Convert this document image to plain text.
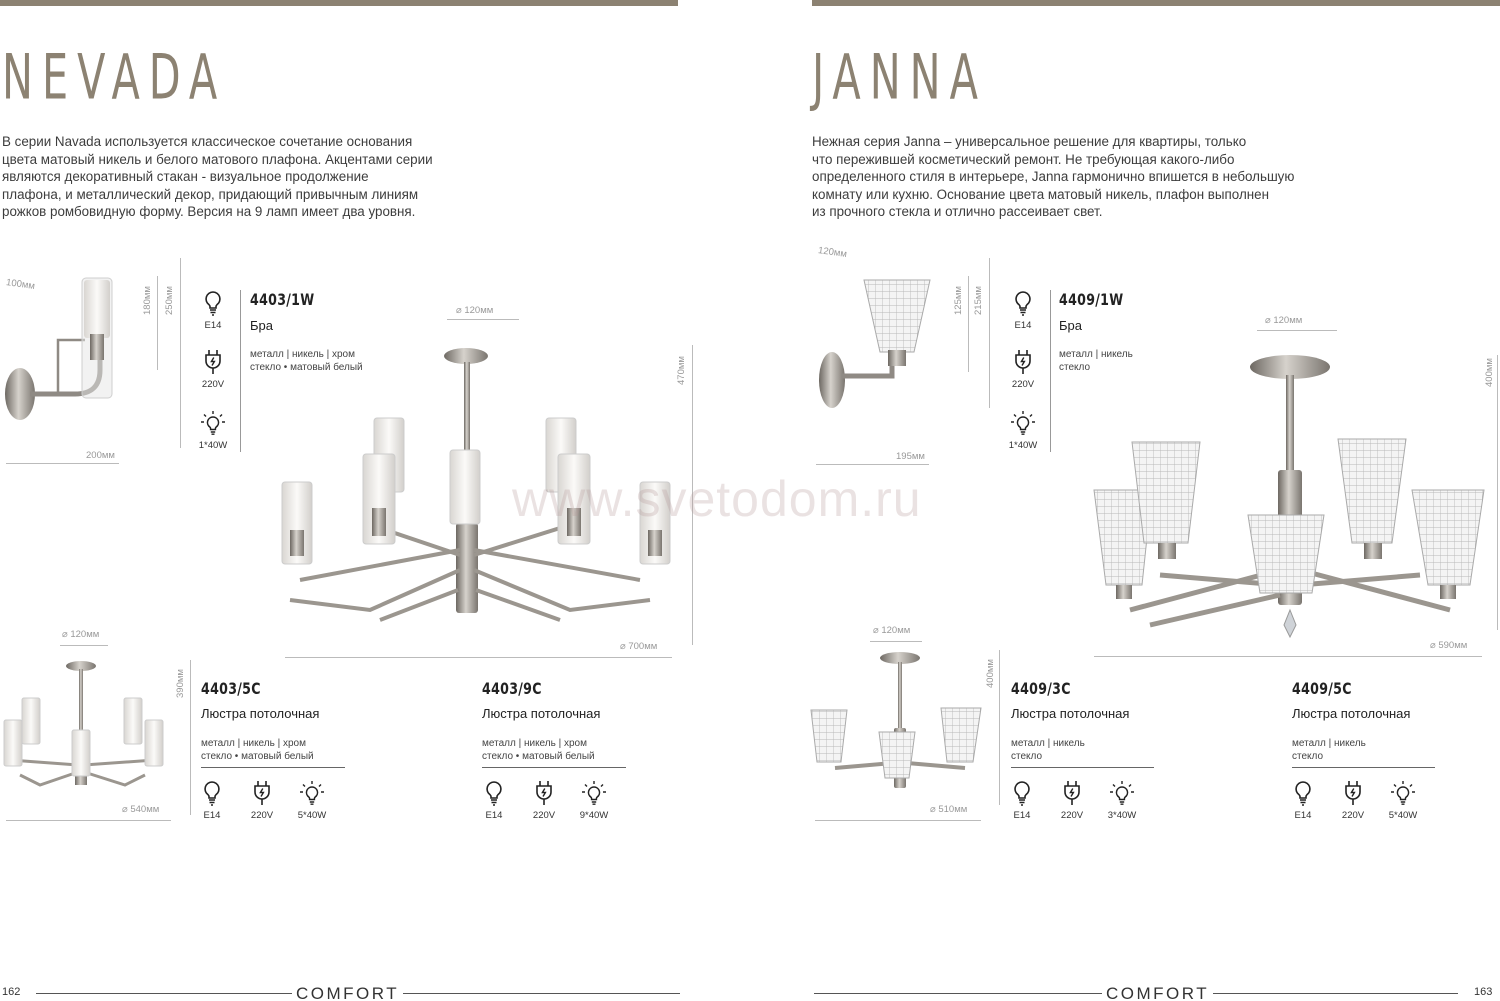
NEVADA
В серии Navada используется классическое сочетание основания
цвета матовый никель и белого матового плафона. Акцентами серии
являются декоративный стакан - визуальное продолжение
плафона, и металлический декор, придающий привычным линиям
рожков ромбовидную форму. Версия на 9 ламп имеет два уровня.
100мм
180мм 250мм
200мм
E14
220V
1*40W
4403/1W
Бра
металл | никель | хром
стекло • матовый белый
⌀ 120мм
470мм
⌀ 700мм
⌀ 120мм
390мм
⌀ 540мм
4403/5C
Люстра потолочная
металл | никель | хром
стекло • матовый белый
E14	220V	5*40W
4403/9C
Люстра потолочная
металл | никель | хром
стекло • матовый белый
E14	220V	9*40W
162	COMFORT
JANNA
Нежная серия Janna – универсальное решение для квартиры, только
что пережившей косметический ремонт. Не требующая какого-либо
определенного стиля в интерьере, Janna гармонично впишется в небольшую
комнату или кухню. Основание цвета матовый никель, плафон выполнен
из прочного стекла и отлично рассеивает свет.
120мм
125мм 215мм
195мм
E14
220V
1*40W
4409/1W
Бра
металл | никель
стекло
⌀ 120мм
400мм
⌀ 590мм
⌀ 120мм
400мм
⌀ 510мм
4409/3C
Люстра потолочная
металл | никель
стекло
E14	220V	3*40W
4409/5C
Люстра потолочная
металл | никель
стекло
E14	220V	5*40W
COMFORT	163
www.svetodom.ru
